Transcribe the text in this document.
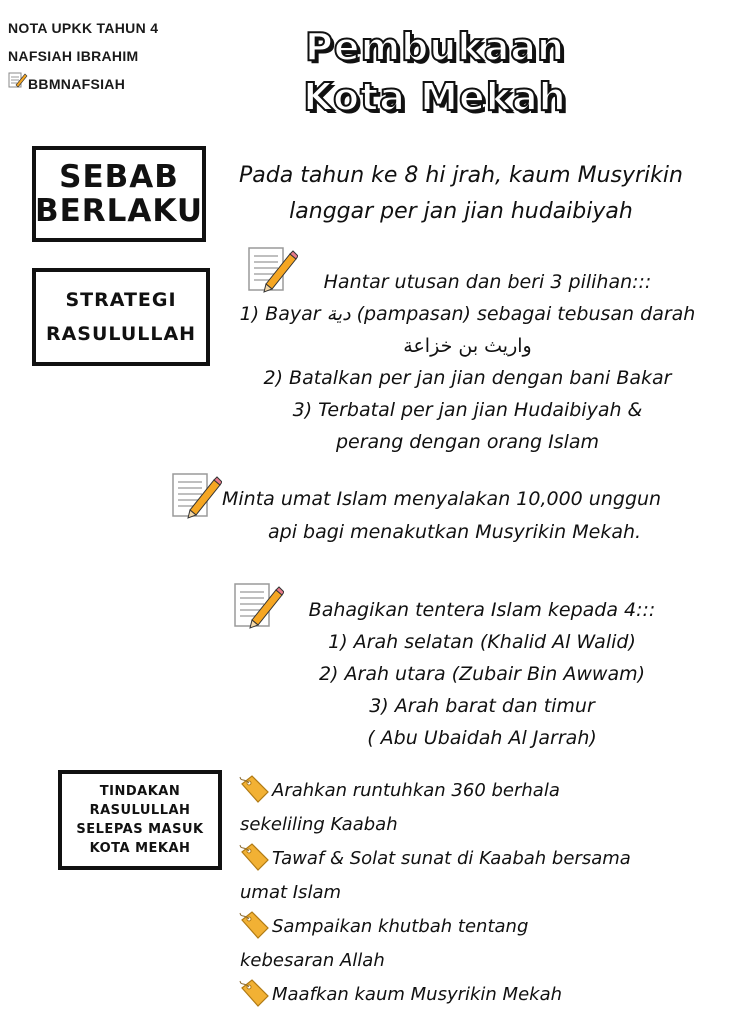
NOTA UPKK TAHUN 4
NAFSIAH IBRAHIM
BBMNAFSIAH
Pembukaan
Kota Mekah
SEBAB
BERLAKU
Pada tahun ke 8 hi jrah, kaum Musyrikin
langgar per jan jian hudaibiyah
STRATEGI
RASULULLAH
Hantar utusan dan beri 3 pilihan:::
1) Bayar دية (pampasan) sebagai tebusan darah
واريث بن خزاعة
2) Batalkan per jan jian dengan bani Bakar
3) Terbatal per jan jian Hudaibiyah &
perang dengan orang Islam
Minta umat Islam menyalakan 10,000 unggun
api bagi menakutkan Musyrikin Mekah.
Bahagikan tentera Islam kepada 4:::
1) Arah selatan (Khalid Al Walid)
2) Arah utara (Zubair Bin Awwam)
3) Arah barat dan timur
( Abu Ubaidah Al Jarrah)
TINDAKAN
RASULULLAH
SELEPAS MASUK
KOTA MEKAH
Arahkan runtuhkan 360 berhala
sekeliling Kaabah
Tawaf & Solat sunat di Kaabah bersama
umat Islam
Sampaikan khutbah tentang
kebesaran Allah
Maafkan kaum Musyrikin Mekah
